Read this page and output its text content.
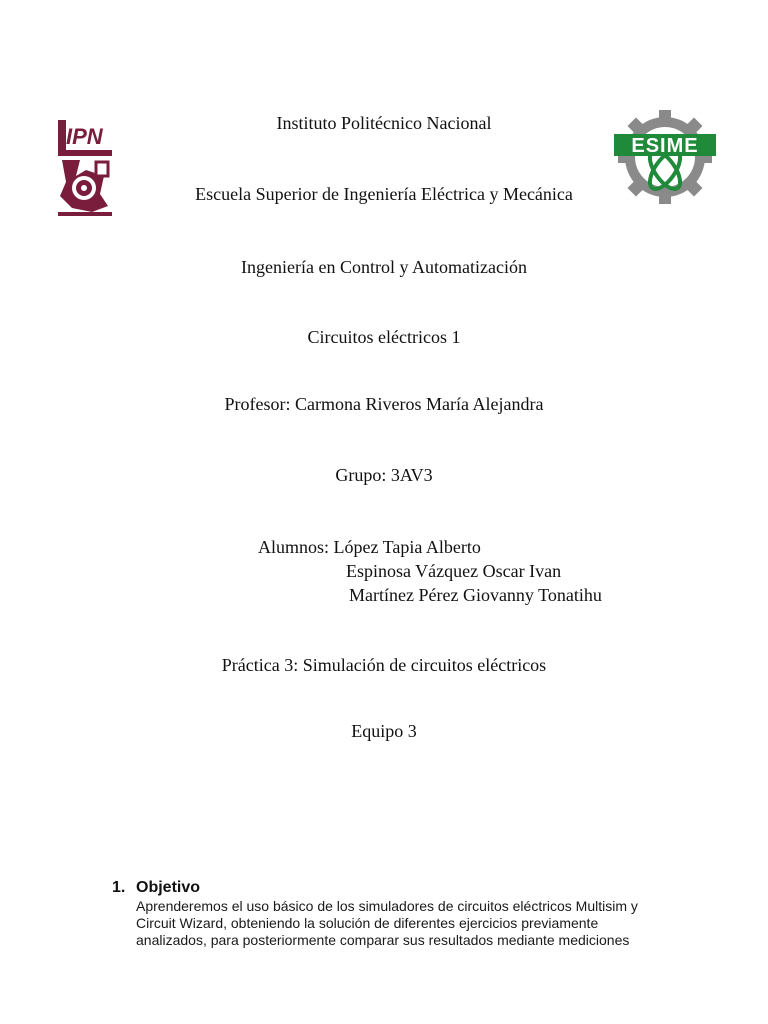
IPN	ESIME
Instituto Politécnico Nacional
Escuela Superior de Ingeniería Eléctrica y Mecánica
Ingeniería en Control y Automatización
Circuitos eléctricos 1
Profesor: Carmona Riveros María Alejandra
Grupo: 3AV3
Alumnos: López Tapia Alberto
Espinosa Vázquez Oscar Ivan
Martínez Pérez Giovanny Tonatihu
Práctica 3: Simulación de circuitos eléctricos
Equipo 3
1. Objetivo
Aprenderemos el uso básico de los simuladores de circuitos eléctricos Multisim y
Circuit Wizard, obteniendo la solución de diferentes ejercicios previamente
analizados, para posteriormente comparar sus resultados mediante mediciones
